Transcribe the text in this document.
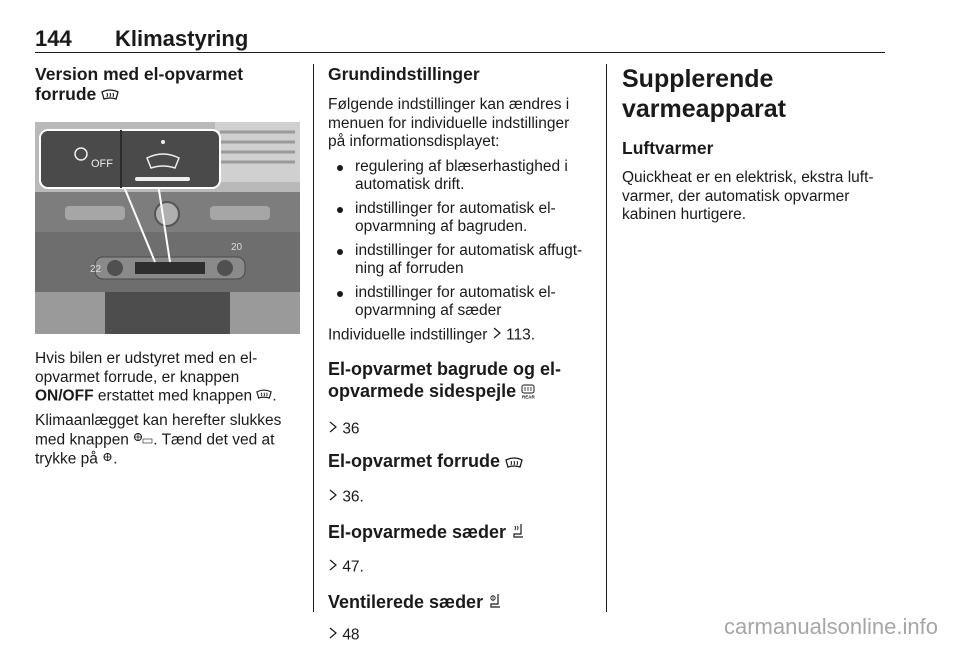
144 Klimastyring
Version med el-opvarmet
forrude
22
20
OFF

Hvis bilen er udstyret med en el-
opvarmet forrude, er knappen
ON/OFF erstattet med knappen .

Klimaanlægget kan herefter slukkes
med knappen . Tænd det ved at
trykke på .

Grundindstillinger

Følgende indstillinger kan ændres i
menuen for individuelle indstillinger
på informationsdisplayet:

regulering af blæserhastighed i
automatisk drift.
indstillinger for automatisk el-
opvarmning af bagruden.
indstillinger for automatisk affugt-
ning af forruden
indstillinger for automatisk el-
opvarmning af sæder

Individuelle indstillinger 113.

El-opvarmet bagrude og el-
opvarmede sidespejle REAR

36

El-opvarmet forrude

36.

El-opvarmede sæder

47.

Ventilerede sæder

48

Supplerende varmeapparat
Luftvarmer

Quickheat er en elektrisk, ekstra luft-
varmer, der automatisk opvarmer
kabinen hurtigere.

carmanualsonline.info
